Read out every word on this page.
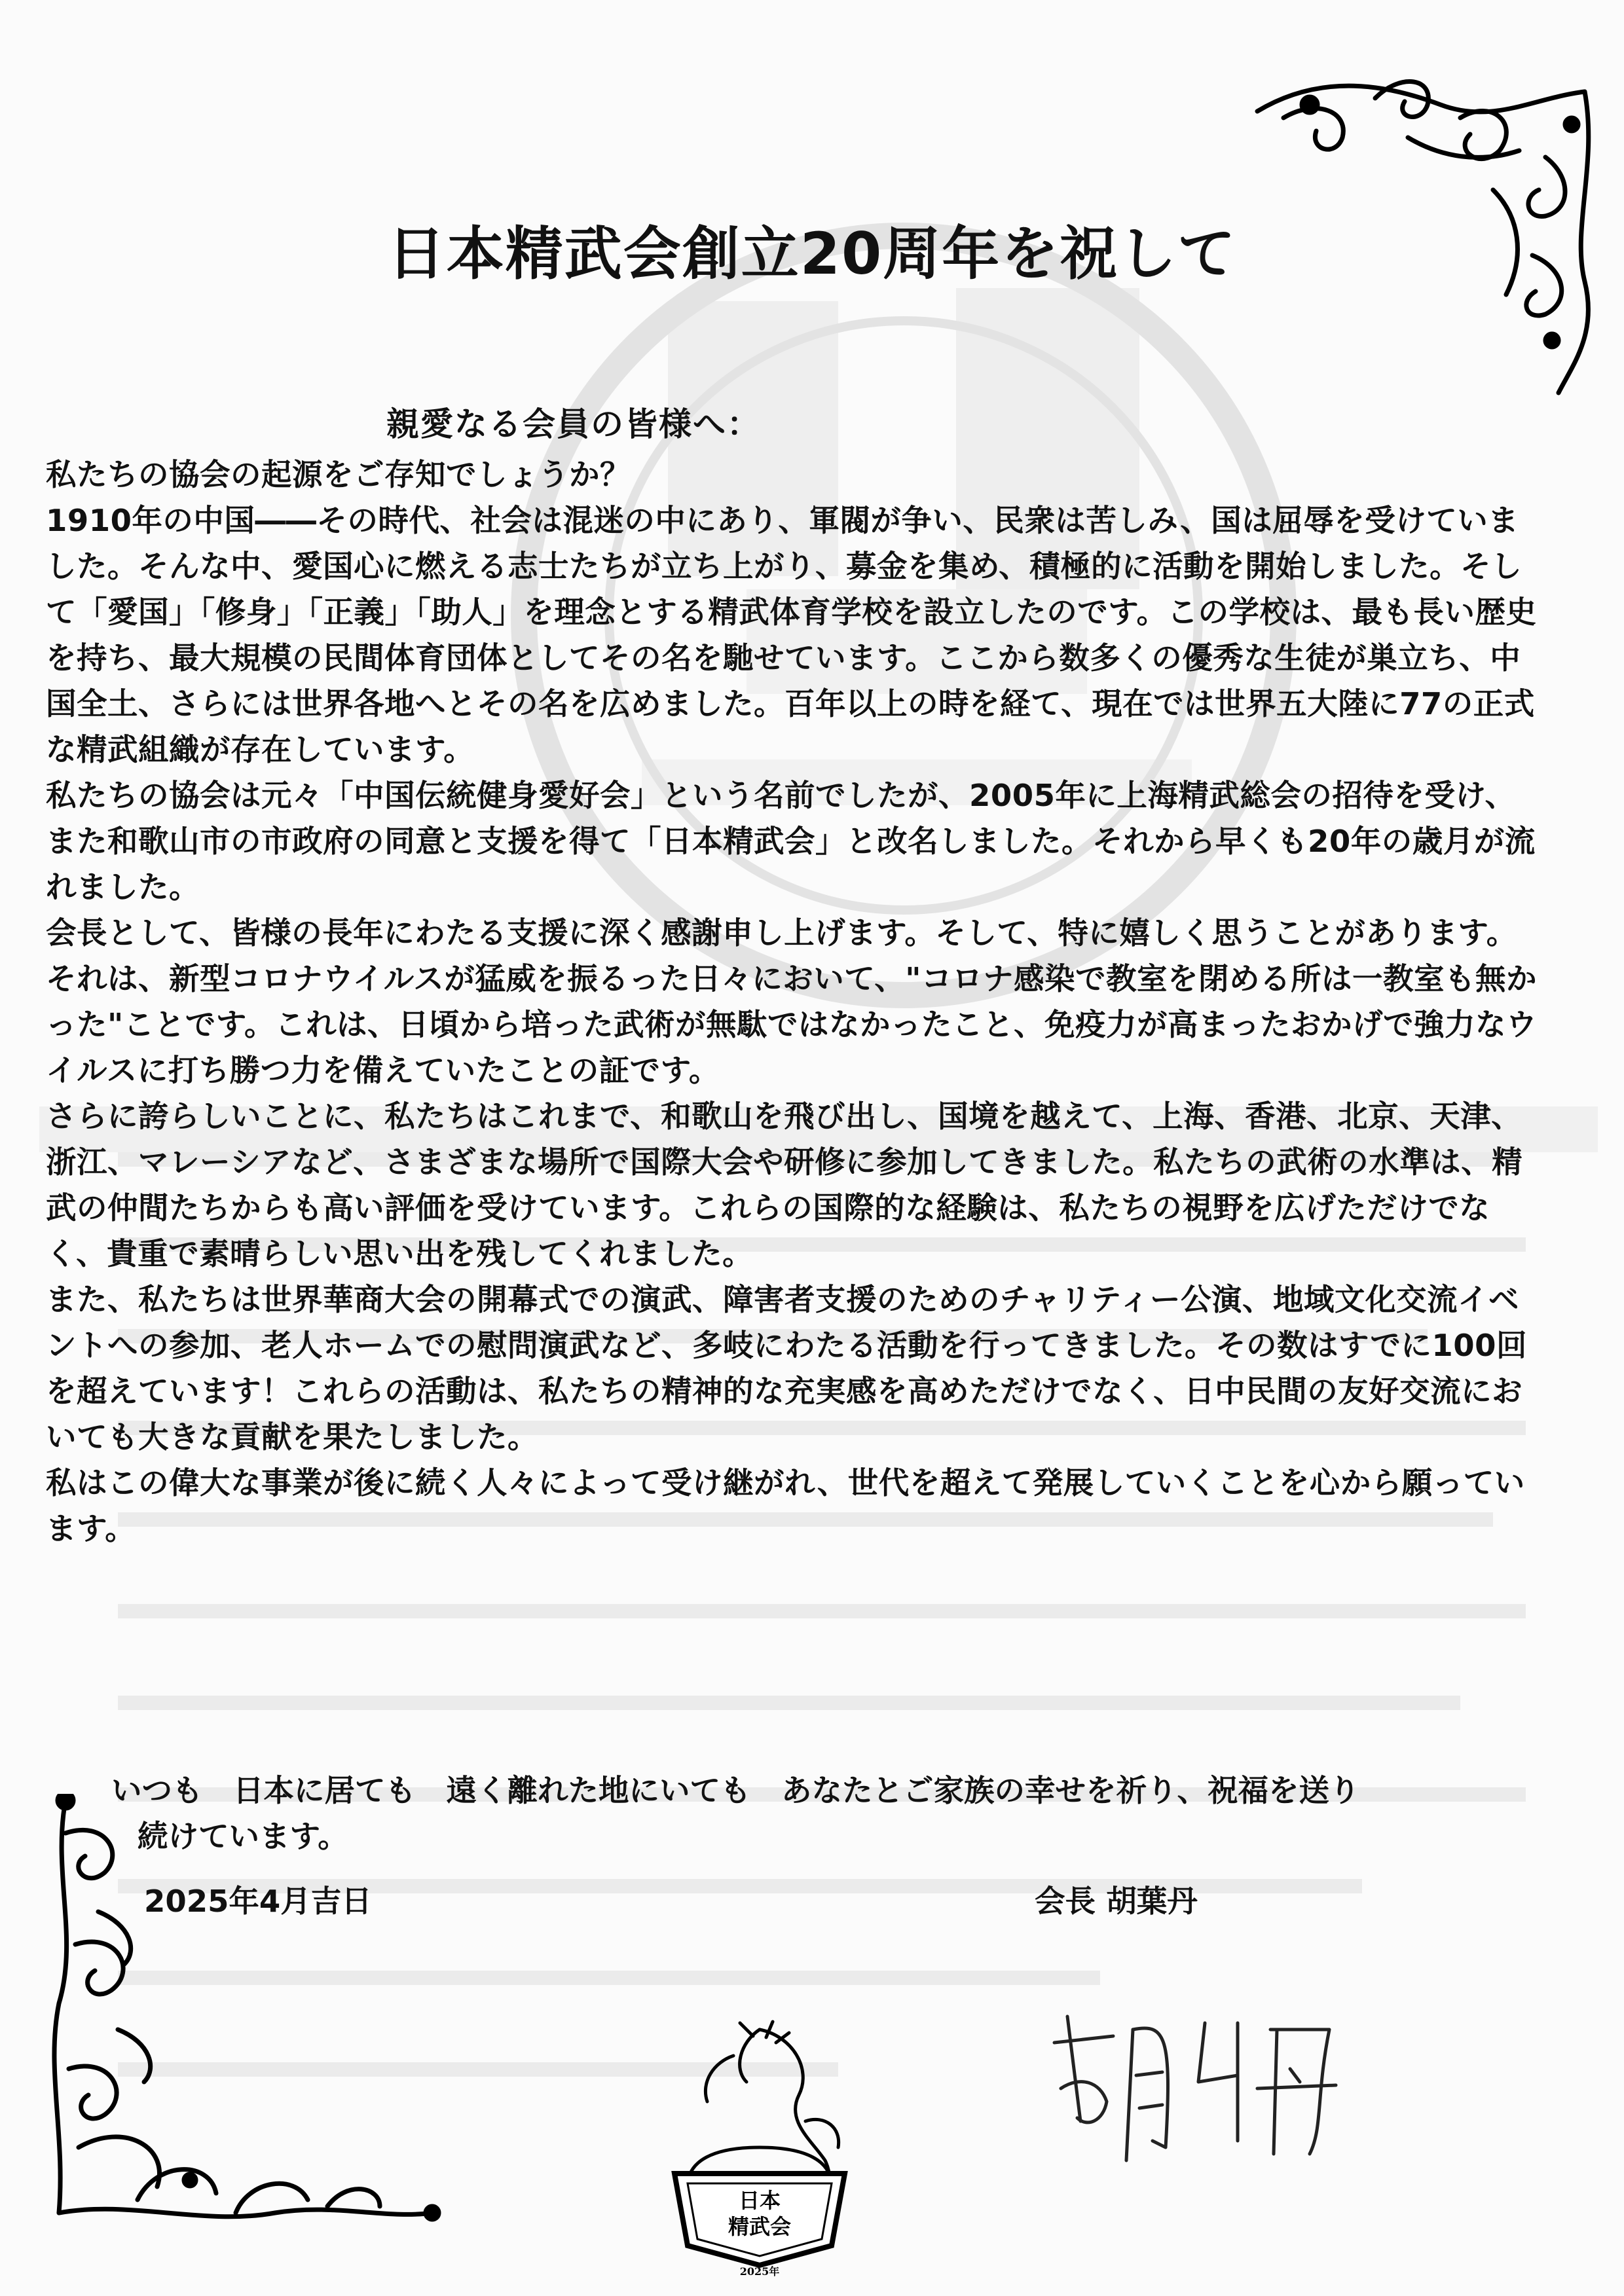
日本精武会創立20周年を祝して
親愛なる会員の皆様へ：

私たちの協会の起源をご存知でしょうか？

1910年の中国――その時代、社会は混迷の中にあり、軍閥が争い、民衆は苦しみ、国は屈辱を受けていました。そんな中、愛国心に燃える志士たちが立ち上がり、募金を集め、積極的に活動を開始しました。そして「愛国」「修身」「正義」「助人」を理念とする精武体育学校を設立したのです。この学校は、最も長い歴史を持ち、最大規模の民間体育団体としてその名を馳せています。ここから数多くの優秀な生徒が巣立ち、中国全土、さらには世界各地へとその名を広めました。百年以上の時を経て、現在では世界五大陸に77の正式な精武組織が存在しています。

私たちの協会は元々「中国伝統健身愛好会」という名前でしたが、2005年に上海精武総会の招待を受け、また和歌山市の市政府の同意と支援を得て「日本精武会」と改名しました。それから早くも20年の歳月が流れました。

会長として、皆様の長年にわたる支援に深く感謝申し上げます。そして、特に嬉しく思うことがあります。それは、新型コロナウイルスが猛威を振るった日々において、"コロナ感染で教室を閉める所は一教室も無かった"ことです。これは、日頃から培った武術が無駄ではなかったこと、免疫力が高まったおかげで強力なウイルスに打ち勝つ力を備えていたことの証です。

さらに誇らしいことに、私たちはこれまで、和歌山を飛び出し、国境を越えて、上海、香港、北京、天津、浙江、マレーシアなど、さまざまな場所で国際大会や研修に参加してきました。私たちの武術の水準は、精武の仲間たちからも高い評価を受けています。これらの国際的な経験は、私たちの視野を広げただけでなく、貴重で素晴らしい思い出を残してくれました。

また、私たちは世界華商大会の開幕式での演武、障害者支援のためのチャリティー公演、地域文化交流イベントへの参加、老人ホームでの慰問演武など、多岐にわたる活動を行ってきました。その数はすでに100回を超えています！これらの活動は、私たちの精神的な充実感を高めただけでなく、日中民間の友好交流においても大きな貢献を果たしました。

私はこの偉大な事業が後に続く人々によって受け継がれ、世代を超えて発展していくことを心から願っています。

いつも　日本に居ても　遠く離れた地にいても　あなたとご家族の幸せを祈り、祝福を送り
続けています。
2025年4月吉日	会長 胡葉丹
日本
精武会
2025年
